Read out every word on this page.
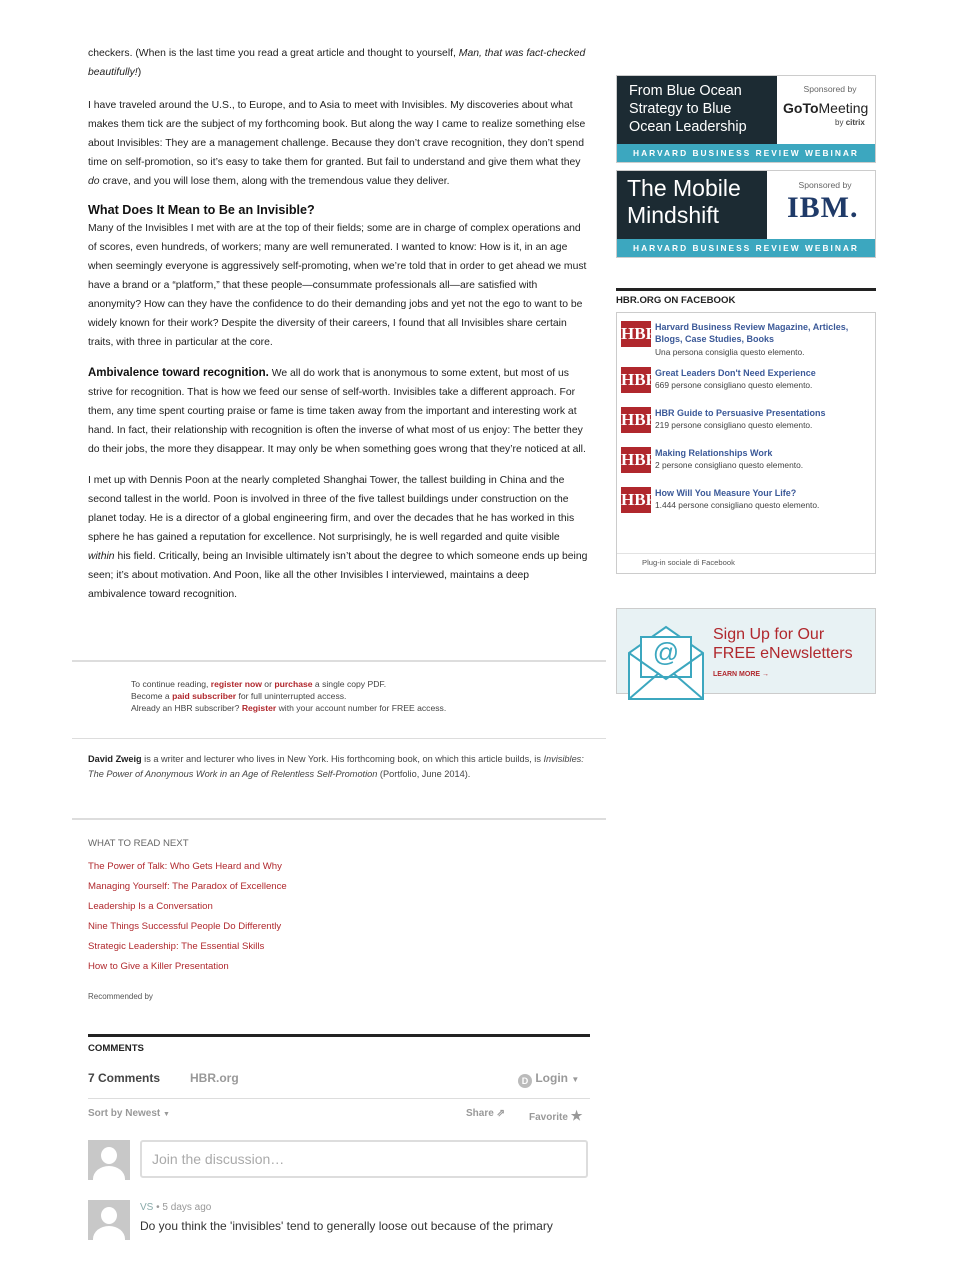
checkers. (When is the last time you read a great article and thought to yourself, Man, that was fact-checked beautifully!)

I have traveled around the U.S., to Europe, and to Asia to meet with Invisibles. My discoveries about what makes them tick are the subject of my forthcoming book. But along the way I came to realize something else about Invisibles: They are a management challenge. Because they don’t crave recognition, they don’t spend time on self-promotion, so it’s easy to take them for granted. But fail to understand and give them what they do crave, and you will lose them, along with the tremendous value they deliver.

What Does It Mean to Be an Invisible?

Many of the Invisibles I met with are at the top of their fields; some are in charge of complex operations and of scores, even hundreds, of workers; many are well remunerated. I wanted to know: How is it, in an age when seemingly everyone is aggressively self-promoting, when we’re told that in order to get ahead we must have a brand or a “platform,” that these people—consummate professionals all—are satisfied with anonymity? How can they have the confidence to do their demanding jobs and yet not the ego to want to be widely known for their work? Despite the diversity of their careers, I found that all Invisibles share certain traits, with three in particular at the core.

Ambivalence toward recognition. We all do work that is anonymous to some extent, but most of us strive for recognition. That is how we feed our sense of self-worth. Invisibles take a different approach. For them, any time spent courting praise or fame is time taken away from the important and interesting work at hand. In fact, their relationship with recognition is often the inverse of what most of us enjoy: The better they do their jobs, the more they disappear. It may only be when something goes wrong that they’re noticed at all.

I met up with Dennis Poon at the nearly completed Shanghai Tower, the tallest building in China and the second tallest in the world. Poon is involved in three of the five tallest buildings under construction on the planet today. He is a director of a global engineering firm, and over the decades that he has worked in this sphere he has gained a reputation for excellence. Not surprisingly, he is well regarded and quite visible within his field. Critically, being an Invisible ultimately isn’t about the degree to which someone ends up being seen; it’s about motivation. And Poon, like all the other Invisibles I interviewed, maintains a deep ambivalence toward recognition.

To continue reading, register now or purchase a single copy PDF.
Become a paid subscriber for full uninterrupted access.
Already an HBR subscriber? Register with your account number for FREE access.
David Zweig is a writer and lecturer who lives in New York. His forthcoming book, on which this article builds, is Invisibles: The Power of Anonymous Work in an Age of Relentless Self-Promotion (Portfolio, June 2014).
WHAT TO READ NEXT
The Power of Talk: Who Gets Heard and Why
Managing Yourself: The Paradox of Excellence
Leadership Is a Conversation
Nine Things Successful People Do Differently
Strategic Leadership: The Essential Skills
How to Give a Killer Presentation
Recommended by
COMMENTS
7 Comments HBR.org	D Login ▼
Sort by Newest ▼	Share ⇗ Favorite ★
Join the discussion…
VS • 5 days ago
Do you think the 'invisibles' tend to generally loose out because of the primary
From Blue Ocean
Strategy to Blue
Ocean Leadership
Sponsored by
GoToMeeting
by citrix
HARVARD BUSINESS REVIEW WEBINAR
The Mobile
Mindshift
Sponsored by
IBM.
HARVARD BUSINESS REVIEW WEBINAR
HBR.ORG ON FACEBOOK
HBR
Harvard Business Review Magazine, Articles, Blogs, Case Studies, Books
Una persona consiglia questo elemento.
HBR
Great Leaders Don't Need Experience
669 persone consigliano questo elemento.
HBR
HBR Guide to Persuasive Presentations
219 persone consigliano questo elemento.
HBR
Making Relationships Work
2 persone consigliano questo elemento.
HBR
How Will You Measure Your Life?
1.444 persone consigliano questo elemento.
Plug-in sociale di Facebook
@
Sign Up for Our
FREE eNewsletters
LEARN MORE →
